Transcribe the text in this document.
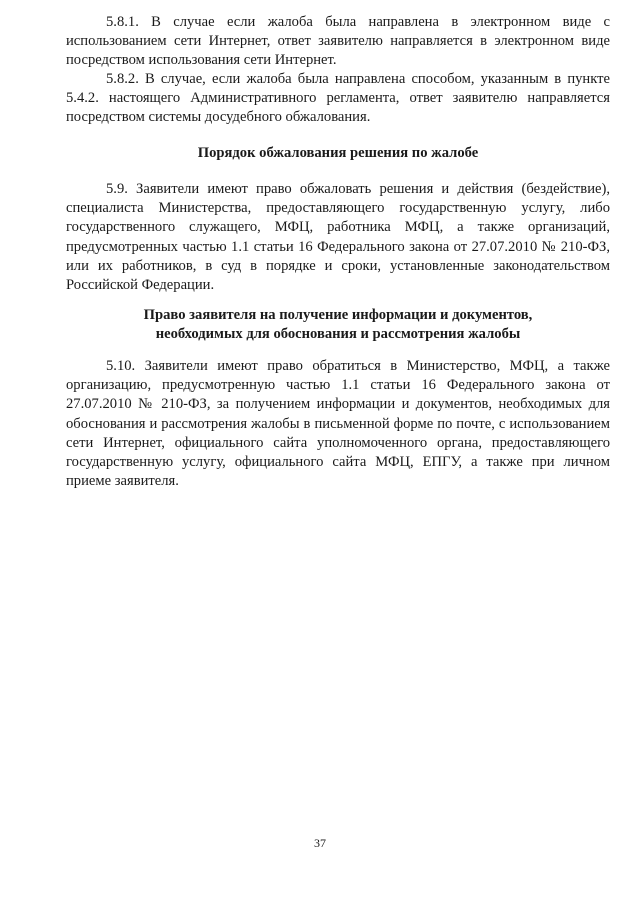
5.8.1. В случае если жалоба была направлена в электронном виде с использованием сети Интернет, ответ заявителю направляется в электронном виде посредством использования сети Интернет.

5.8.2. В случае, если жалоба была направлена способом, указанным в пункте 5.4.2. настоящего Административного регламента, ответ заявителю направляется посредством системы досудебного обжалования.

Порядок обжалования решения по жалобе

5.9. Заявители имеют право обжаловать решения и действия (бездействие), специалиста Министерства, предоставляющего государственную услугу, либо государственного служащего, МФЦ, работника МФЦ, а также организаций, предусмотренных частью 1.1 статьи 16 Федерального закона от 27.07.2010 № 210-ФЗ, или их работников, в суд в порядке и сроки, установленные законодательством Российской Федерации.

Право заявителя на получение информации и документов,
необходимых для обоснования и рассмотрения жалобы

5.10. Заявители имеют право обратиться в Министерство, МФЦ, а также организацию, предусмотренную частью 1.1 статьи 16 Федерального закона от 27.07.2010 № 210-ФЗ, за получением информации и документов, необходимых для обоснования и рассмотрения жалобы в письменной форме по почте, с использованием сети Интернет, официального сайта уполномоченного органа, предоставляющего государственную услугу, официального сайта МФЦ, ЕПГУ, а также при личном приеме заявителя.

37
